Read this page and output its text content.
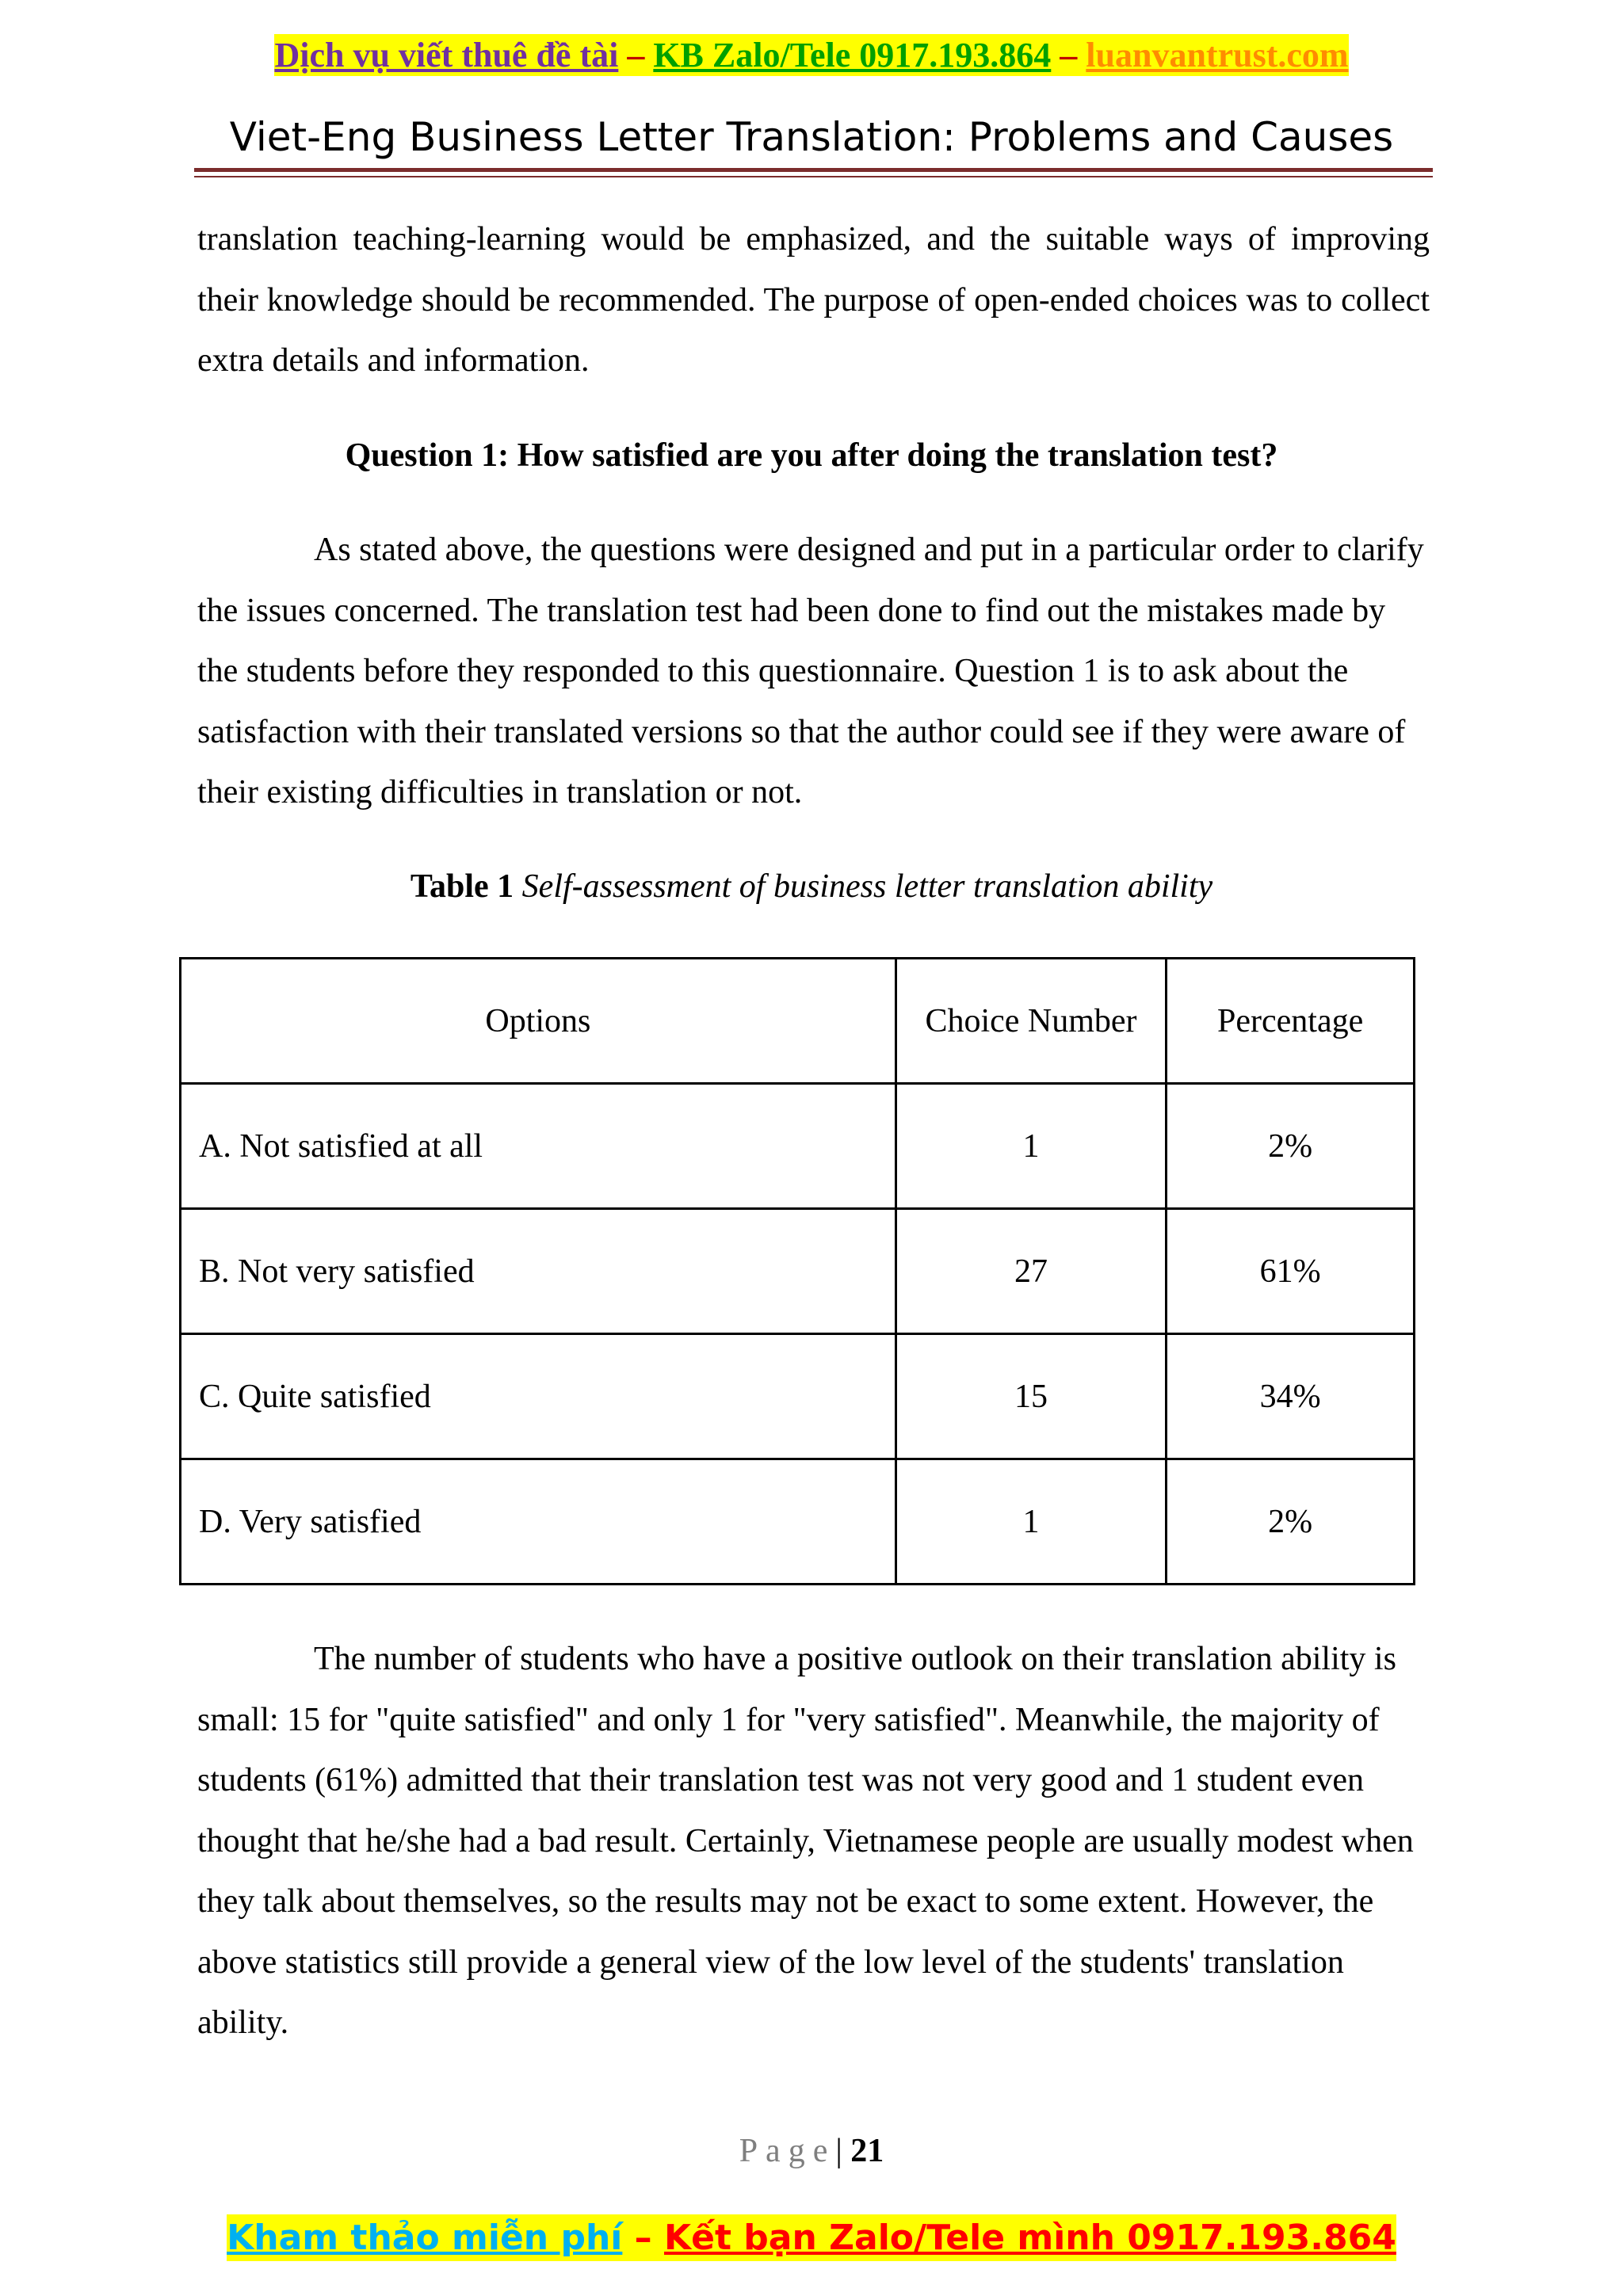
Dịch vụ viết thuê đề tài – KB Zalo/Tele 0917.193.864 – luanvantrust.com
Viet-Eng Business Letter Translation: Problems and Causes

translation teaching-learning would be emphasized, and the suitable ways of improving their knowledge should be recommended. The purpose of open-ended choices was to collect extra details and information.

Question 1: How satisfied are you after doing the translation test?

As stated above, the questions were designed and put in a particular order to clarify the issues concerned. The translation test had been done to find out the mistakes made by the students before they responded to this questionnaire. Question 1 is to ask about the satisfaction with their translated versions so that the author could see if they were aware of their existing difficulties in translation or not.

Table 1 Self-assessment of business letter translation ability
Options	Choice Number	Percentage
A. Not satisfied at all	1	2%
B. Not very satisfied	27	61%
C. Quite satisfied	15	34%
D. Very satisfied	1	2%

The number of students who have a positive outlook on their translation ability is small: 15 for "quite satisfied" and only 1 for "very satisfied". Meanwhile, the majority of students (61%) admitted that their translation test was not very good and 1 student even thought that he/she had a bad result. Certainly, Vietnamese people are usually modest when they talk about themselves, so the results may not be exact to some extent. However, the above statistics still provide a general view of the low level of the students' translation ability.

Page| 21
Kham thảo miễn phí – Kết bạn Zalo/Tele mình 0917.193.864
